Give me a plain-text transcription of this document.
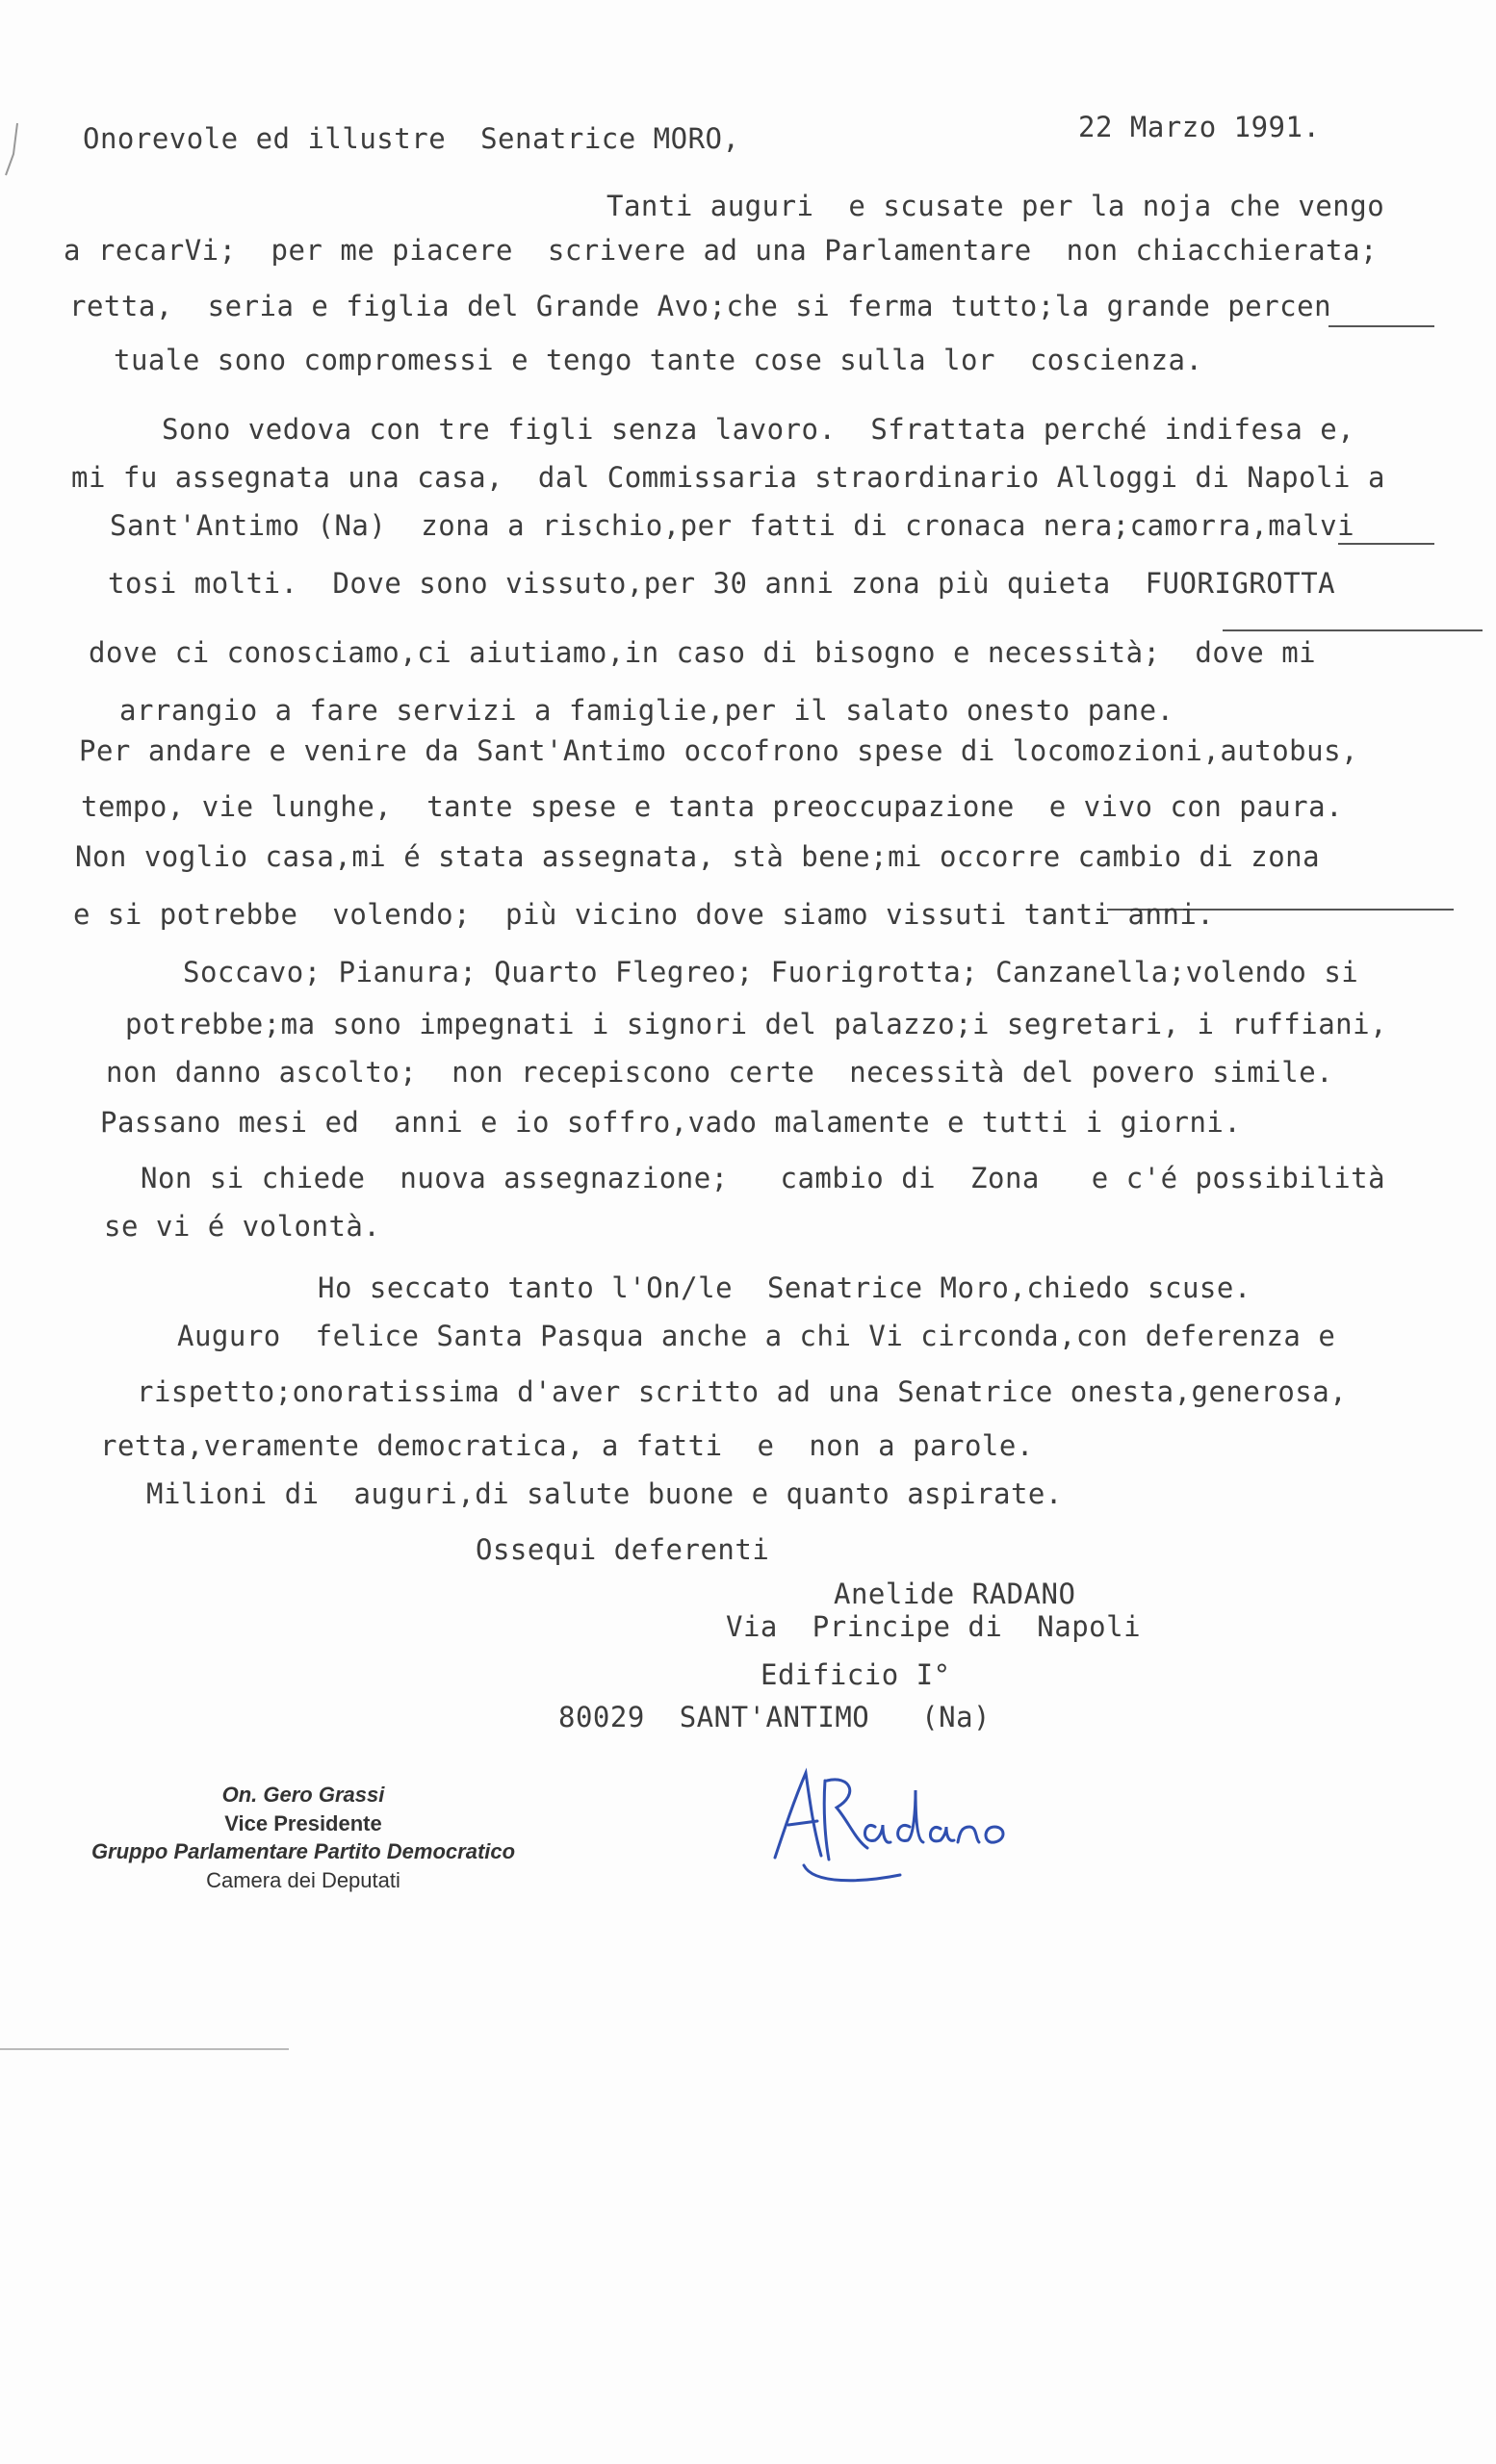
22 Marzo 1991.
Onorevole ed illustre  Senatrice MORO,
Tanti auguri  e scusate per la noja che vengo
a recarVi;  per me piacere  scrivere ad una Parlamentare  non chiacchierata;
retta,  seria e figlia del Grande Avo;che si ferma tutto;la grande percen
tuale sono compromessi e tengo tante cose sulla lor  coscienza.
Sono vedova con tre figli senza lavoro.  Sfrattata perché indifesa e,
mi fu assegnata una casa,  dal Commissaria straordinario Alloggi di Napoli a
Sant'Antimo (Na)  zona a rischio,per fatti di cronaca nera;camorra,malvi
tosi molti.  Dove sono vissuto,per 30 anni zona più quieta  FUORIGROTTA
dove ci conosciamo,ci aiutiamo,in caso di bisogno e necessità;  dove mi
arrangio a fare servizi a famiglie,per il salato onesto pane.
Per andare e venire da Sant'Antimo occofrono spese di locomozioni,autobus,
tempo, vie lunghe,  tante spese e tanta preoccupazione  e vivo con paura.
Non voglio casa,mi é stata assegnata, stà bene;mi occorre cambio di zona
e si potrebbe  volendo;  più vicino dove siamo vissuti tanti anni.
Soccavo; Pianura; Quarto Flegreo; Fuorigrotta; Canzanella;volendo si
potrebbe;ma sono impegnati i signori del palazzo;i segretari, i ruffiani,
non danno ascolto;  non recepiscono certe  necessità del povero simile.
Passano mesi ed  anni e io soffro,vado malamente e tutti i giorni.
Non si chiede  nuova assegnazione;   cambio di  Zona   e c'é possibilità
se vi é volontà.
Ho seccato tanto l'On/le  Senatrice Moro,chiedo scuse.
Auguro  felice Santa Pasqua anche a chi Vi circonda,con deferenza e
rispetto;onoratissima d'aver scritto ad una Senatrice onesta,generosa,
retta,veramente democratica, a fatti  e  non a parole.
Milioni di  auguri,di salute buone e quanto aspirate.
Ossequi deferenti
Anelide RADANO
Via  Principe di  Napoli
Edificio I°
80029  SANT'ANTIMO   (Na)
On. Gero Grassi
Vice Presidente
Gruppo Parlamentare Partito Democratico
Camera dei Deputati
